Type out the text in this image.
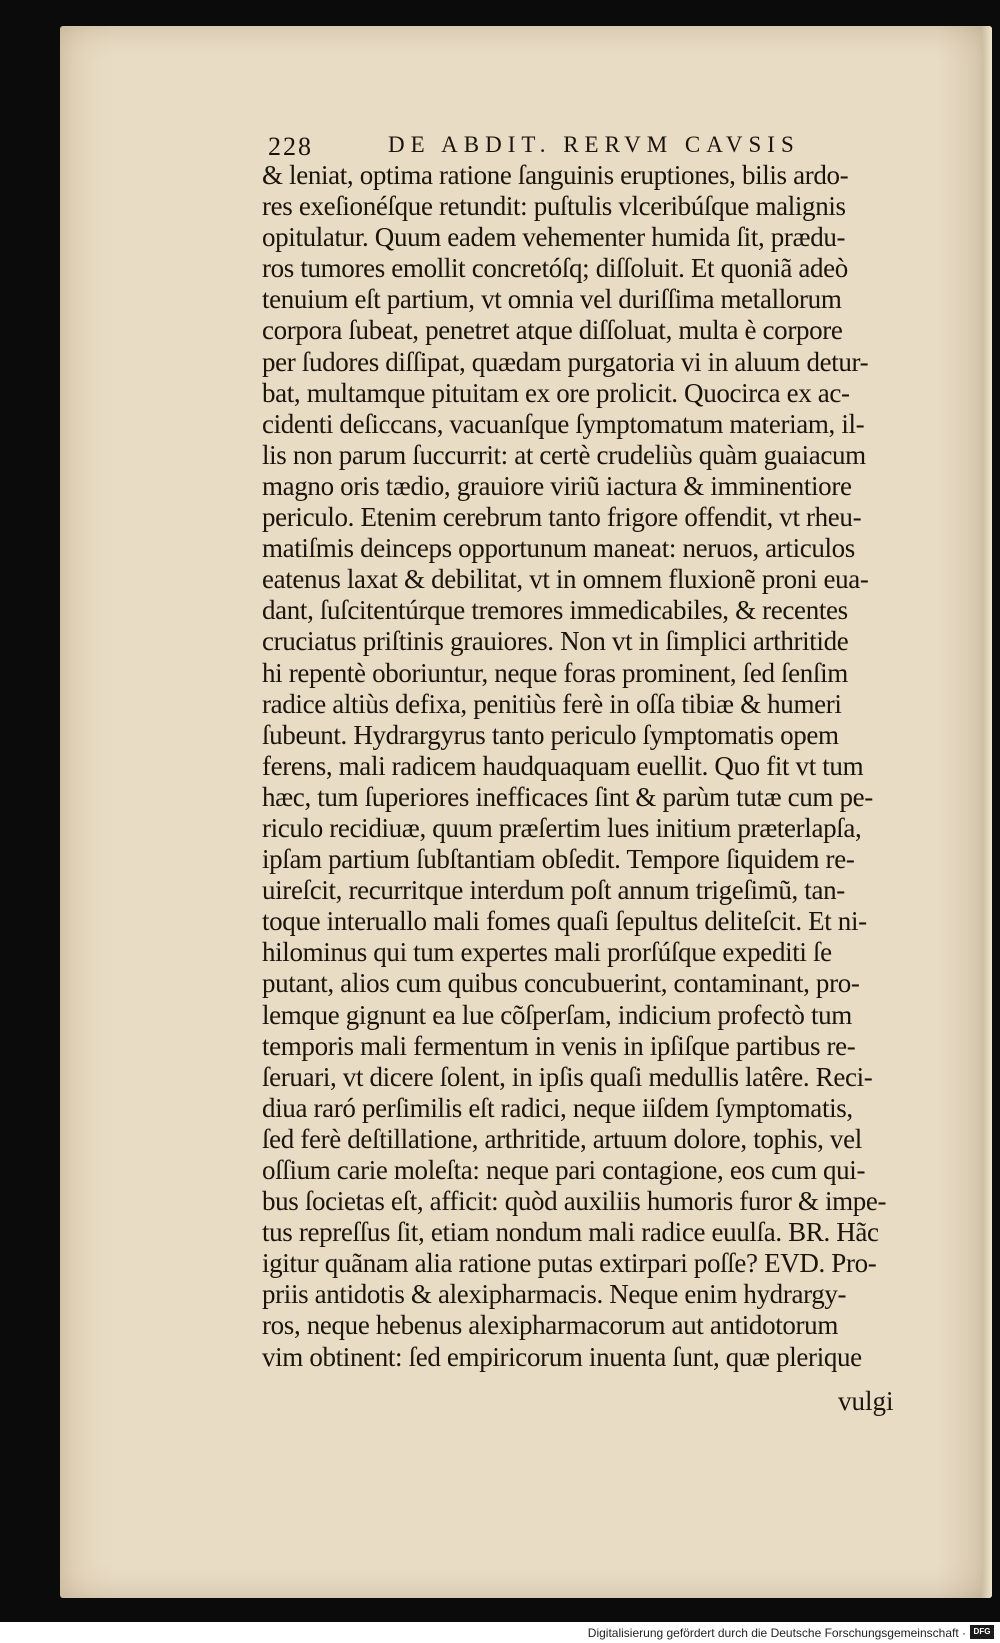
228	DE ABDIT. RERVM CAVSIS
& leniat, optima ratione ſanguinis eruptiones, bilis ardo-
res exeſionéſque retundit: puſtulis vlceribúſque malignis
opitulatur. Quum eadem vehementer humida ſit, prædu-
ros tumores emollit concretóſq; diſſoluit. Et quoniã adeò
tenuium eſt partium, vt omnia vel duriſſima metallorum
corpora ſubeat, penetret atque diſſoluat, multa è corpore
per ſudores diſſipat, quædam purgatoria vi in aluum detur-
bat, multamque pituitam ex ore prolicit. Quocirca ex ac-
cidenti deſiccans, vacuanſque ſymptomatum materiam, il-
lis non parum ſuccurrit: at certè crudeliùs quàm guaiacum
magno oris tædio, grauiore viriũ iactura & imminentiore
periculo. Etenim cerebrum tanto frigore offendit, vt rheu-
matiſmis deinceps opportunum maneat: neruos, articulos
eatenus laxat & debilitat, vt in omnem fluxionẽ proni eua-
dant, ſuſcitentúrque tremores immedicabiles, & recentes
cruciatus priſtinis grauiores. Non vt in ſimplici arthritide
hi repentè oboriuntur, neque foras prominent, ſed ſenſim
radice altiùs defixa, penitiùs ferè in oſſa tibiæ & humeri
ſubeunt. Hydrargyrus tanto periculo ſymptomatis opem
ferens, mali radicem haudquaquam euellit. Quo fit vt tum
hæc, tum ſuperiores inefficaces ſint & parùm tutæ cum pe-
riculo recidiuæ, quum præſertim lues initium præterlapſa,
ipſam partium ſubſtantiam obſedit. Tempore ſiquidem re-
uireſcit, recurritque interdum poſt annum trigeſimũ, tan-
toque interuallo mali fomes quaſi ſepultus deliteſcit. Et ni-
hilominus qui tum expertes mali prorſúſque expediti ſe
putant, alios cum quibus concubuerint, contaminant, pro-
lemque gignunt ea lue cõſperſam, indicium profectò tum
temporis mali fermentum in venis in ipſiſque partibus re-
ſeruari, vt dicere ſolent, in ipſis quaſi medullis latêre. Reci-
diua raró perſimilis eſt radici, neque iiſdem ſymptomatis,
ſed ferè deſtillatione, arthritide, artuum dolore, tophis, vel
oſſium carie moleſta: neque pari contagione, eos cum qui-
bus ſocietas eſt, afficit: quòd auxiliis humoris furor & impe-
tus repreſſus ſit, etiam nondum mali radice euulſa. BR. Hãc
igitur quãnam alia ratione putas extirpari poſſe? EVD. Pro-
priis antidotis & alexipharmacis. Neque enim hydrargy-
ros, neque hebenus alexipharmacorum aut antidotorum
vim obtinent: ſed empiricorum inuenta ſunt, quæ plerique
vulgi
Digitalisierung gefördert durch die Deutsche Forschungsgemeinschaft · DFG
